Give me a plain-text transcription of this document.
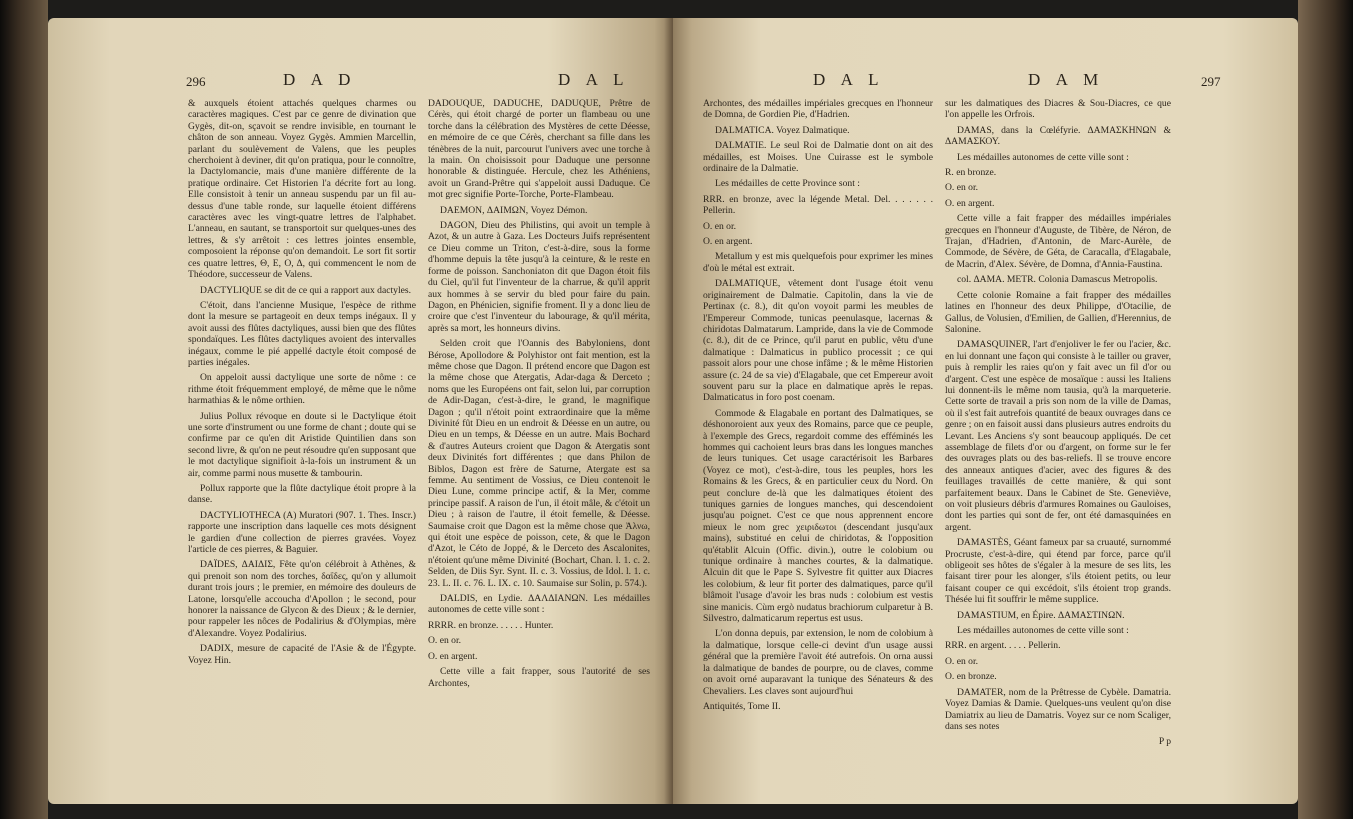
296	D A D	D A L

& auxquels étoient attachés quelques charmes ou caractères magiques. C'est par ce genre de divination que Gygès, dit-on, sçavoit se rendre invisible, en tournant le châton de son anneau. Voyez Gygès. Ammien Marcellin, parlant du soulèvement de Valens, que les peuples cherchoient à deviner, dit qu'on pratiqua, pour le connoître, la Dactylomancie, mais d'une manière différente de la pratique ordinaire. Cet Historien l'a décrite fort au long. Elle consistoit à tenir un anneau suspendu par un fil au-dessus d'une table ronde, sur laquelle étoient différens caractères avec les vingt-quatre lettres de l'alphabet. L'anneau, en sautant, se transportoit sur quelques-unes des lettres, & s'y arrêtoit : ces lettres jointes ensemble, composoient la réponse qu'on demandoit. Le sort fit sortir ces quatre lettres, Θ, Ε, Ο, Δ, qui commencent le nom de Théodore, successeur de Valens.

DACTYLIQUE se dit de ce qui a rapport aux dactyles.

C'étoit, dans l'ancienne Musique, l'espèce de rithme dont la mesure se partageoit en deux temps inégaux. Il y avoit aussi des flûtes dactyliques, aussi bien que des flûtes spondaïques. Les flûtes dactyliques avoient des intervalles inégaux, comme le pié appellé dactyle étoit composé de parties inégales.

On appeloit aussi dactylique une sorte de nôme : ce rithme étoit fréquemment employé, de même que le nôme harmathias & le nôme orthien.

Julius Pollux révoque en doute si le Dactylique étoit une sorte d'instrument ou une forme de chant ; doute qui se confirme par ce qu'en dit Aristide Quintilien dans son second livre, & qu'on ne peut résoudre qu'en supposant que le mot dactylique signifioit à-la-fois un instrument & un air, comme parmi nous musette & tambourin.

Pollux rapporte que la flûte dactylique étoit propre à la danse.

DACTYLIOTHECA (A) Muratori (907. 1. Thes. Inscr.) rapporte une inscription dans laquelle ces mots désignent le gardien d'une collection de pierres gravées. Voyez l'article de ces pierres, & Baguier.

DAÏDES, ΔΑΙΔΙΣ, Fête qu'on célébroit à Athènes, & qui prenoit son nom des torches, δαΐδες, qu'on y allumoit durant trois jours ; le premier, en mémoire des douleurs de Latone, lorsqu'elle accoucha d'Apollon ; le second, pour honorer la naissance de Glycon & des Dieux ; & le dernier, pour rappeler les nôces de Podalirius & d'Olympias, mère d'Alexandre. Voyez Podalirius.

DADIX, mesure de capacité de l'Asie & de l'Égypte. Voyez Hin.

DADOUQUE, DADUCHE, DADUQUE, Prêtre de Cérès, qui étoit chargé de porter un flambeau ou une torche dans la célébration des Mystères de cette Déesse, en mémoire de ce que Cérès, cherchant sa fille dans les ténèbres de la nuit, parcourut l'univers avec une torche à la main. On choisissoit pour Daduque une personne honorable & distinguée. Hercule, chez les Athéniens, avoit un Grand-Prêtre qui s'appeloit aussi Daduque. Ce mot grec signifie Porte-Torche, Porte-Flambeau.

DAEMON, ΔΑΙΜΩΝ, Voyez Démon.

DAGON, Dieu des Philistins, qui avoit un temple à Azot, & un autre à Gaza. Les Docteurs Juifs représentent ce Dieu comme un Triton, c'est-à-dire, sous la forme d'homme depuis la tête jusqu'à la ceinture, & le reste en forme de poisson. Sanchoniaton dit que Dagon étoit fils du Ciel, qu'il fut l'inventeur de la charrue, & qu'il apprit aux hommes à se servir du bled pour faire du pain. Dagon, en Phénicien, signifie froment. Il y a donc lieu de croire que c'est l'inventeur du labourage, & qu'il mérita, après sa mort, les honneurs divins.

Selden croit que l'Oannis des Babyloniens, dont Bérose, Apollodore & Polyhistor ont fait mention, est la même chose que Dagon. Il prétend encore que Dagon est la même chose que Atergatis, Adar-daga & Derceto ; noms que les Européens ont fait, selon lui, par corruption de Adir-Dagan, c'est-à-dire, le grand, le magnifique Dagon ; qu'il n'étoit point extraordinaire que la même Divinité fût Dieu en un endroit & Déesse en un autre, ou Dieu en un temps, & Déesse en un autre. Mais Bochard & d'autres Auteurs croient que Dagon & Atergatis sont deux Divinités fort différentes ; que dans Philon de Biblos, Dagon est frère de Saturne, Atergate est sa femme. Au sentiment de Vossius, ce Dieu contenoit le Dieu Lune, comme principe actif, & la Mer, comme principe passif. A raison de l'un, il étoit mâle, & c'étoit un Dieu ; à raison de l'autre, il étoit femelle, & Déesse. Saumaise croit que Dagon est la même chose que Ἀλνω, qui étoit une espèce de poisson, cete, & que le Dagon d'Azot, le Céto de Joppé, & le Derceto des Ascalonites, n'étoient qu'une même Divinité (Bochart, Chan. l. 1. c. 2. Selden, de Diis Syr. Synt. II. c. 3. Vossius, de Idol. l. 1. c. 23. L. II. c. 76. L. IX. c. 10. Saumaise sur Solin, p. 574.).

DALDIS, en Lydie. ΔΑΛΔΙΑΝΩΝ. Les médailles autonomes de cette ville sont :

RRRR. en bronze. . . . . . Hunter.

O. en or.

O. en argent.

Cette ville a fait frapper, sous l'autorité de ses Archontes,

D A L	D A M	297

Archontes, des médailles impériales grecques en l'honneur de Domna, de Gordien Pie, d'Hadrien.

DALMATICA. Voyez Dalmatique.

DALMATIE. Le seul Roi de Dalmatie dont on ait des médailles, est Moises. Une Cuirasse est le symbole ordinaire de la Dalmatie.

Les médailles de cette Province sont :

RRR. en bronze, avec la légende Metal. Del. . . . . . . Pellerin.

O. en or.

O. en argent.

Metallum y est mis quelquefois pour exprimer les mines d'où le métal est extrait.

DALMATIQUE, vêtement dont l'usage étoit venu originairement de Dalmatie. Capitolin, dans la vie de Pertinax (c. 8.), dit qu'on voyoit parmi les meubles de l'Empereur Commode, tunicas peenulasque, lacernas & chiridotas Dalmatarum. Lampride, dans la vie de Commode (c. 8.), dit de ce Prince, qu'il parut en public, vêtu d'une dalmatique : Dalmaticus in publico processit ; ce qui passoit alors pour une chose infâme ; & le même Historien assure (c. 24 de sa vie) d'Elagabale, que cet Empereur avoit souvent paru sur la place en dalmatique après le repas. Dalmaticatus in foro post coenam.

Commode & Elagabale en portant des Dalmatiques, se déshonoroient aux yeux des Romains, parce que ce peuple, à l'exemple des Grecs, regardoit comme des efféminés les hommes qui cachoient leurs bras dans les longues manches de leurs tuniques. Cet usage caractérisoit les Barbares (Voyez ce mot), c'est-à-dire, tous les peuples, hors les Romains & les Grecs, & en particulier ceux du Nord. On peut conclure de-là que les dalmatiques étoient des tuniques garnies de longues manches, qui descendoient jusqu'au poignet. C'est ce que nous apprennent encore mieux le nom grec χειριδωτοι (descendant jusqu'aux mains), substitué en celui de chiridotas, & l'opposition qu'établit Alcuin (Offic. divin.), outre le colobium ou tunique ordinaire à manches courtes, & la dalmatique. Alcuin dit que le Pape S. Sylvestre fit quitter aux Diacres les colobium, & leur fit porter des dalmatiques, parce qu'il blâmoit l'usage d'avoir les bras nuds : colobium est vestis sine manicis. Cùm ergò nudatus brachiorum culparetur à B. Silvestro, dalmaticarum repertus est usus.

L'on donna depuis, par extension, le nom de colobium à la dalmatique, lorsque celle-ci devint d'un usage aussi général que la première l'avoit été autrefois. On orna aussi la dalmatique de bandes de pourpre, ou de claves, comme on avoit orné auparavant la tunique des Sénateurs & des Chevaliers. Les claves sont aujourd'hui

Antiquités, Tome II.

sur les dalmatiques des Diacres & Sou-Diacres, ce que l'on appelle les Orfrois.

DAMAS, dans la Cœléfyrie. ΔΑΜΑΣΚΗΝΩΝ & ΔΑΜΑΣΚΟΥ.

Les médailles autonomes de cette ville sont :

R. en bronze.

O. en or.

O. en argent.

Cette ville a fait frapper des médailles impériales grecques en l'honneur d'Auguste, de Tibère, de Néron, de Trajan, d'Hadrien, d'Antonin, de Marc-Aurèle, de Commode, de Sévère, de Géta, de Caracalla, d'Elagabale, de Macrin, d'Alex. Sévère, de Domna, d'Annia-Faustina.

col. ΔΑΜΑ. METR. Colonia Damascus Metropolis.

Cette colonie Romaine a fait frapper des médailles latines en l'honneur des deux Philippe, d'Otacilie, de Gallus, de Volusien, d'Emilien, de Gallien, d'Herennius, de Salonine.

DAMASQUINER, l'art d'enjoliver le fer ou l'acier, &c. en lui donnant une façon qui consiste à le tailler ou graver, puis à remplir les raies qu'on y fait avec un fil d'or ou d'argent. C'est une espèce de mosaïque : aussi les Italiens lui donnent-ils le même nom tausia, qu'à la marqueterie. Cette sorte de travail a pris son nom de la ville de Damas, où il s'est fait autrefois quantité de beaux ouvrages dans ce genre ; on en faisoit aussi dans plusieurs autres endroits du Levant. Les Anciens s'y sont beaucoup appliqués. De cet assemblage de filets d'or ou d'argent, on forme sur le fer des ouvrages plats ou des bas-reliefs. Il se trouve encore des anneaux antiques d'acier, avec des figures & des feuillages travaillés de cette manière, & qui sont parfaitement beaux. Dans le Cabinet de Ste. Geneviève, on voit plusieurs débris d'armures Romaines ou Gauloises, dont les parties qui sont de fer, ont été damasquinées en argent.

DAMASTÈS, Géant fameux par sa cruauté, surnommé Procruste, c'est-à-dire, qui étend par force, parce qu'il obligeoit ses hôtes de s'égaler à la mesure de ses lits, les faisant tirer pour les alonger, s'ils étoient petits, ou leur faisant couper ce qui excédoit, s'ils étoient trop grands. Thésée lui fit souffrir le même supplice.

DAMASTIUM, en Épire. ΔΑΜΑΣΤΙΝΩΝ.

Les médailles autonomes de cette ville sont :

RRR. en argent. . . . . Pellerin.

O. en or.

O. en bronze.

DAMATER, nom de la Prêtresse de Cybèle. Damatria. Voyez Damias & Damie. Quelques-uns veulent qu'on dise Damiatrix au lieu de Damatris. Voyez sur ce nom Scaliger, dans ses notes

P p
